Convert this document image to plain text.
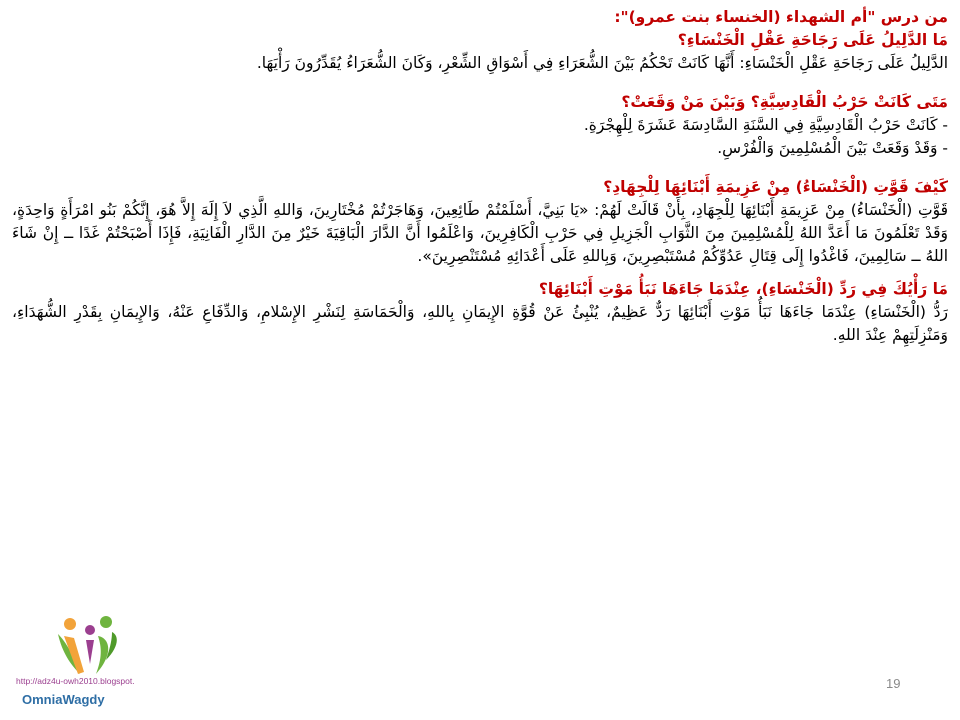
من درس "أم الشهداء (الخنساء بنت عمرو)":

مَا الدَّلِيلُ عَلَى رَجَاحَةِ عَقْلِ الْخَنْسَاءِ؟

الدَّلِيلُ عَلَى رَجَاحَةِ عَقْلِ الْخَنْسَاءِ: أَنَّهَا كَانَتْ تَحْكُمُ بَيْنَ الشُّعَرَاءِ فِي أَسْوَاقِ الشِّعْرِ، وَكَانَ الشُّعَرَاءُ يُقَدِّرُونَ رَأْيَهَا.

مَتَى كَانَتْ حَرْبُ الْقَادِسِيَّةِ؟ وَبَيْنَ مَنْ وَقَعَتْ؟

- كَانَتْ حَرْبُ الْقَادِسِيَّةِ فِي السَّنَةِ السَّادِسَةَ عَشَرَةَ لِلْهِجْرَةِ.

- وَقَدْ وَقَعَتْ بَيْنَ الْمُسْلِمِينَ وَالْفُرْسِ.

كَيْفَ قَوَّتِ (الْخَنْسَاءُ) مِنْ عَزِيمَةِ أَبْنَائِهَا لِلْجِهَادِ؟

قَوَّتِ (الْخَنْسَاءُ) مِنْ عَزِيمَةِ أَبْنَائِهَا لِلْجِهَادِ، بِأَنْ قَالَتْ لَهُمْ: «يَا بَنِيَّ، أَسْلَمْتُمْ طَائِعِينَ، وَهَاجَرْتُمْ مُخْتَارِينَ، وَاللهِ الَّذِي لاَ إِلَهَ إِلاَّ هُوَ، إِنَّكُمْ بَنُو امْرَأَةٍ وَاحِدَةٍ، وَقَدْ تَعْلَمُونَ مَا أَعَدَّ اللهُ لِلْمُسْلِمِينَ مِنَ الثَّوَابِ الْجَزِيلِ فِي حَرْبِ الْكَافِرِينَ، وَاعْلَمُوا أَنَّ الدَّارَ الْبَاقِيَةَ خَيْرٌ مِنَ الدَّارِ الْفَانِيَةِ، فَإِذَا أَصْبَحْتُمْ غَدًا ــ إِنْ شَاءَ اللهُ ــ سَالِمِينَ، فَاغْدُوا إِلَى قِتَالِ عَدُوِّكُمْ مُسْتَبْصِرِينَ، وَبِاللهِ عَلَى أَعْدَائِهِ مُسْتَنْصِرِينَ».

مَا رَأْيُكَ فِي رَدِّ (الْخَنْسَاءِ)، عِنْدَمَا جَاءَهَا نَبَأُ مَوْتِ أَبْنَائِهَا؟

رَدُّ (الْخَنْسَاءِ) عِنْدَمَا جَاءَهَا نَبَأُ مَوْتِ أَبْنَائِهَا رَدٌّ عَظِيمٌ، يُنْبِئُ عَنْ قُوَّةِ الإِيمَانِ بِاللهِ، وَالْحَمَاسَةِ لِنَشْرِ الإِسْلامِ، وَالدِّفَاعِ عَنْهُ، وَالإِيمَانِ بِقَدْرِ الشُّهَدَاءِ، وَمَنْزِلَتِهِمْ عِنْدَ اللهِ.

http://adz4u-owh2010.blogspot.
OmniaWagdy
19
